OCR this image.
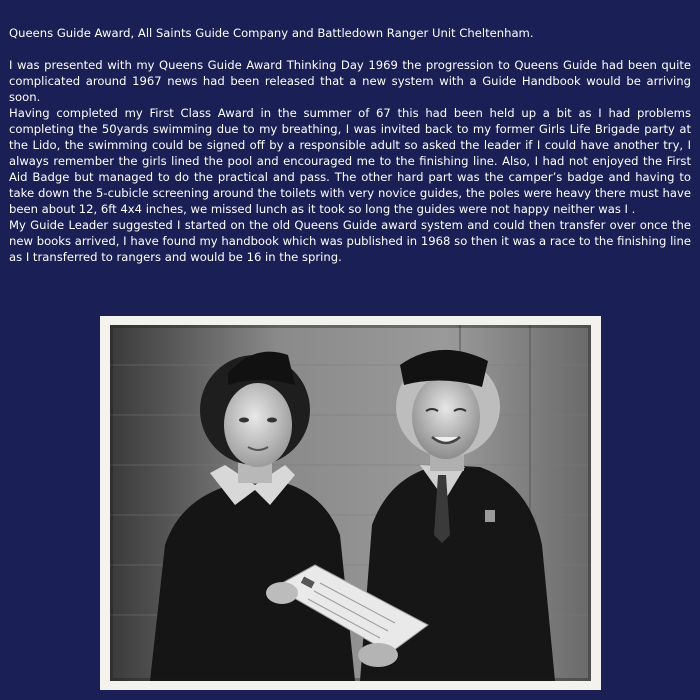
Queens Guide Award, All Saints Guide Company and Battledown Ranger Unit Cheltenham.

I was presented with my Queens Guide Award Thinking Day 1969 the progression to Queens Guide had been quite complicated around 1967 news had been released that a new system with a Guide Handbook would be arriving soon.

Having completed my First Class Award in the summer of 67 this had been held up a bit as I had problems completing the 50yards swimming due to my breathing, I was invited back to my former Girls Life Brigade party at the Lido, the swimming could be signed off by a responsible adult so asked the leader if I could have another try, I always remember the girls lined the pool and encouraged me to the finishing line. Also, I had not enjoyed the First Aid Badge but managed to do the practical and pass. The other hard part was the camper’s badge and having to take down the 5-cubicle screening around the toilets with very novice guides, the poles were heavy there must have been about 12, 6ft 4x4 inches, we missed lunch as it took so long the guides were not happy neither was I .

My Guide Leader suggested I started on the old Queens Guide award system and could then transfer over once the new books arrived, I have found my handbook which was published in 1968 so then it was a race to the finishing line as I transferred to rangers and would be 16 in the spring.
